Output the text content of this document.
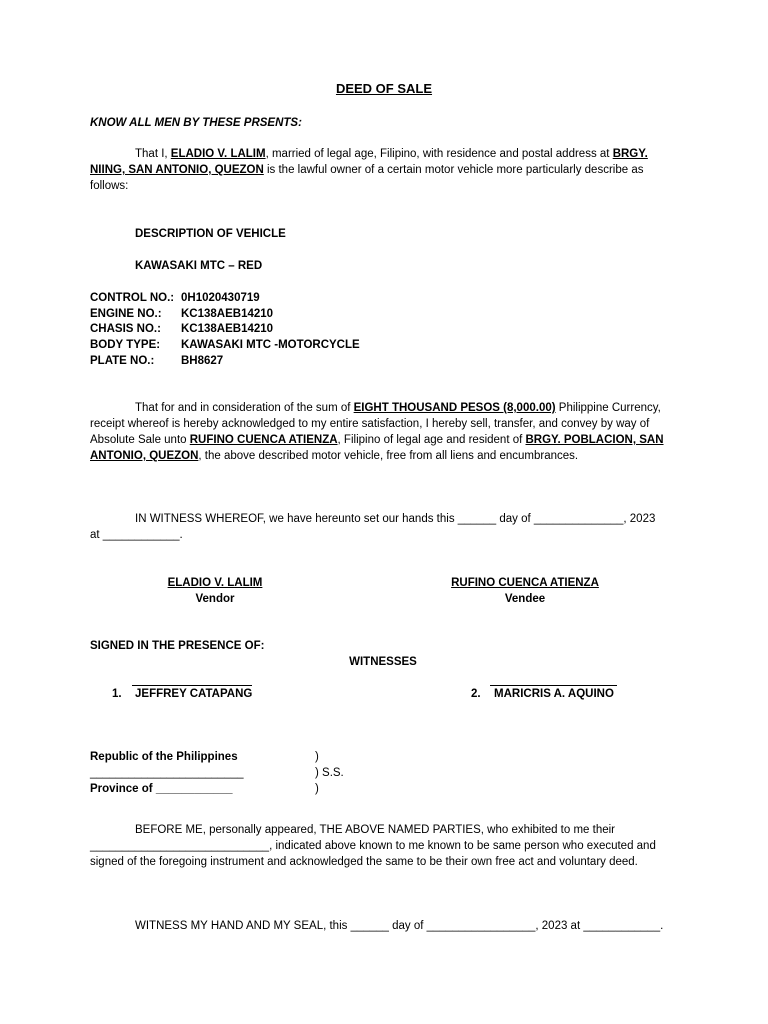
DEED OF SALE
KNOW ALL MEN BY THESE PRSENTS:
That I, ELADIO V. LALIM, married of legal age, Filipino, with residence and postal address at BRGY. NIING, SAN ANTONIO, QUEZON is the lawful owner of a certain motor vehicle more particularly describe as follows:
DESCRIPTION OF VEHICLE
KAWASAKI MTC – RED
CONTROL NO.: 0H1020430719
ENGINE NO.: KC138AEB14210
CHASIS NO.: KC138AEB14210
BODY TYPE: KAWASAKI MTC -MOTORCYCLE
PLATE NO.: BH8627
That for and in consideration of the sum of EIGHT THOUSAND PESOS (8,000.00) Philippine Currency, receipt whereof is hereby acknowledged to my entire satisfaction, I hereby sell, transfer, and convey by way of Absolute Sale unto RUFINO CUENCA ATIENZA, Filipino of legal age and resident of BRGY. POBLACION, SAN ANTONIO, QUEZON, the above described motor vehicle, free from all liens and encumbrances.
IN WITNESS WHEREOF, we have hereunto set our hands this ______ day of ______________, 2023
at ____________.
ELADIO V. LALIM
Vendor
RUFINO CUENCA ATIENZA
Vendee
SIGNED IN THE PRESENCE OF:
WITNESSES
1. JEFFREY CATAPANG	2. MARICRIS A. AQUINO
Republic of the Philippines
________________________
Province of ____________
)
) S.S.
)
BEFORE ME, personally appeared, THE ABOVE NAMED PARTIES, who exhibited to me their ____________________________, indicated above known to me known to be same person who executed and signed of the foregoing instrument and acknowledged the same to be their own free act and voluntary deed.
WITNESS MY HAND AND MY SEAL, this ______ day of _________________, 2023 at ____________.
